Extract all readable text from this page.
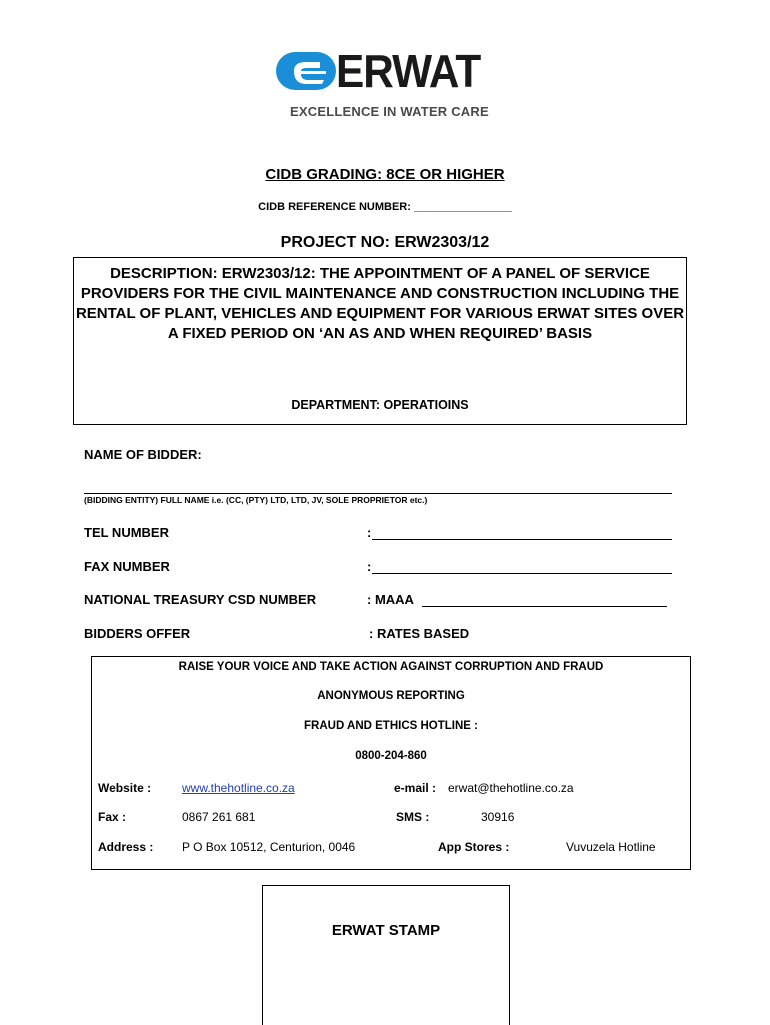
ERWAT
EXCELLENCE IN WATER CARE
CIDB GRADING: 8CE OR HIGHER
CIDB REFERENCE NUMBER: ________________
PROJECT NO: ERW2303/12
DESCRIPTION: ERW2303/12: THE APPOINTMENT OF A PANEL OF SERVICE PROVIDERS FOR THE CIVIL MAINTENANCE AND CONSTRUCTION INCLUDING THE RENTAL OF PLANT, VEHICLES AND EQUIPMENT FOR VARIOUS ERWAT SITES OVER A FIXED PERIOD ON ‘AN AS AND WHEN REQUIRED’ BASIS
DEPARTMENT: OPERATIOINS
NAME OF BIDDER:
(BIDDING ENTITY) FULL NAME i.e. (CC, (PTY) LTD, LTD, JV, SOLE PROPRIETOR etc.)
TEL NUMBER	:
FAX NUMBER	:
NATIONAL TREASURY CSD NUMBER	: MAAA
BIDDERS OFFER	: RATES BASED
RAISE YOUR VOICE AND TAKE ACTION AGAINST CORRUPTION AND FRAUD
ANONYMOUS REPORTING
FRAUD AND ETHICS HOTLINE :
0800-204-860
Website :	www.thehotline.co.za	e-mail : erwat@thehotline.co.za
Fax :	0867 261 681	SMS :	30916
Address : P O Box 10512, Centurion, 0046	App Stores :	Vuvuzela Hotline
ERWAT STAMP
